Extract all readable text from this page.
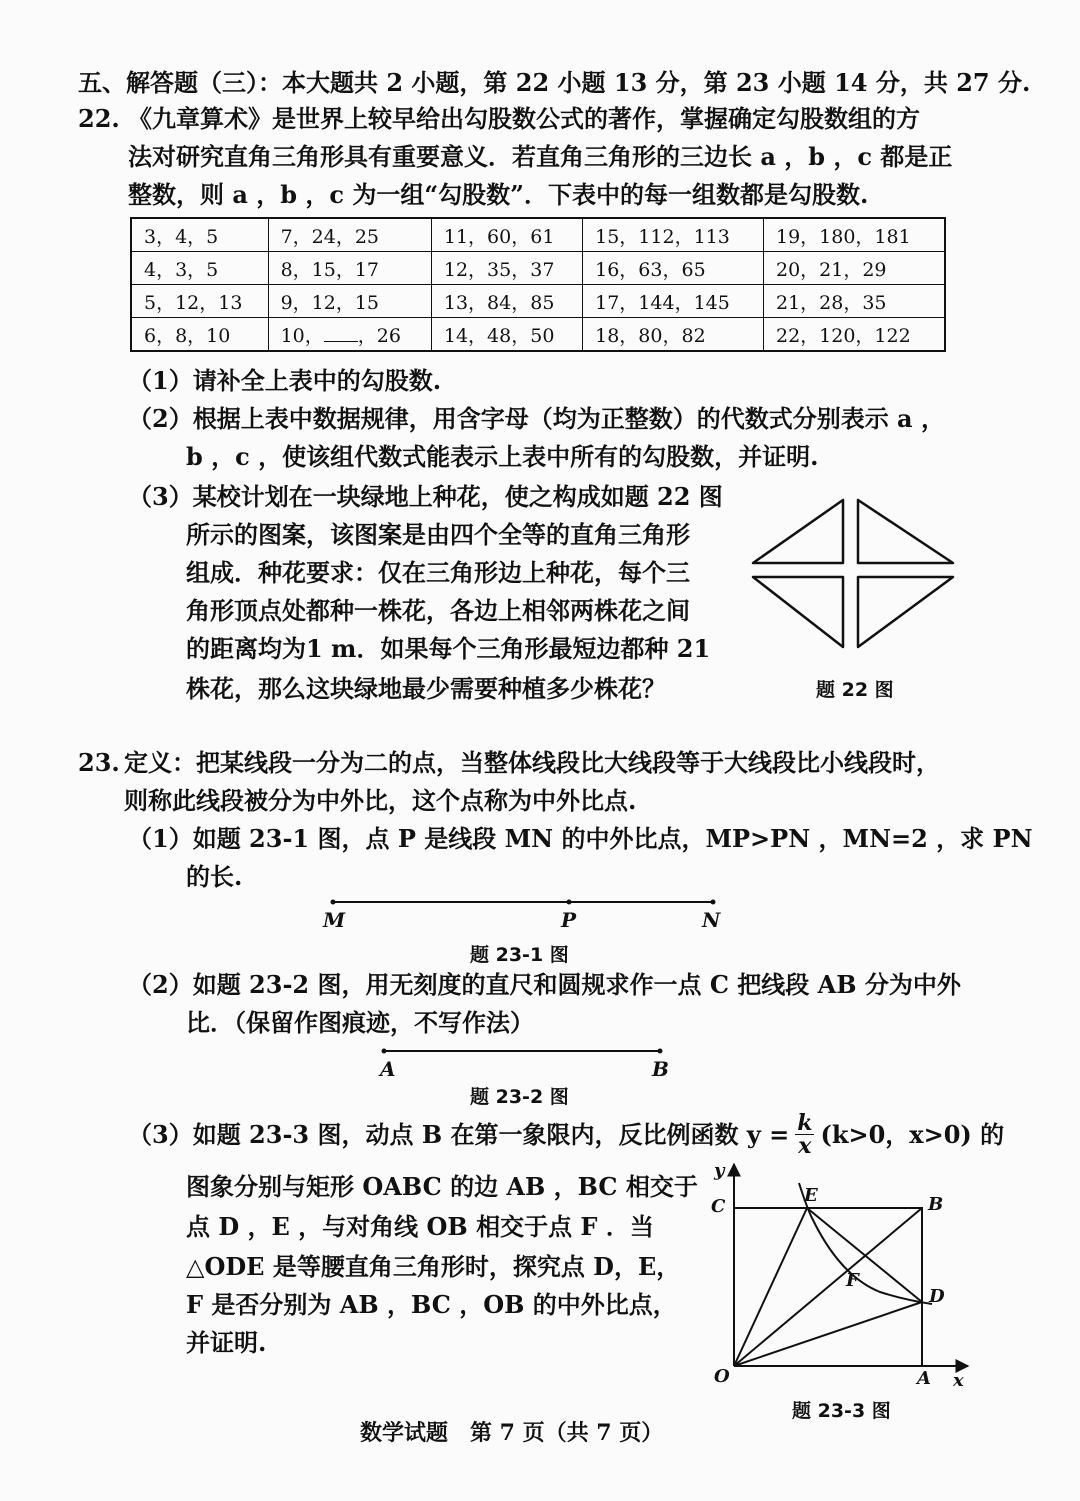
五、解答题（三）：本大题共 2 小题，第 22 小题 13 分，第 23 小题 14 分，共 27 分.
22. 《九章算术》是世界上较早给出勾股数公式的著作，掌握确定勾股数组的方
法对研究直角三角形具有重要意义．若直角三角形的三边长 a ，b ，c 都是正
整数，则 a ，b ，c 为一组“勾股数”．下表中的每一组数都是勾股数.
3，4，5	7，24，25	11，60，61	15，112，113	19，180，181
4，3，5	8，15，17	12，35，37	16，63，65	20，21，29
5，12，13	9，12，15	13，84，85	17，144，145	21，28，35
6，8，10	10， ，26	14，48，50	18，80，82	22，120，122
（1）请补全上表中的勾股数.
（2）根据上表中数据规律，用含字母（均为正整数）的代数式分别表示 a ，
b ，c ，使该组代数式能表示上表中所有的勾股数，并证明.
（3）某校计划在一块绿地上种花，使之构成如题 22 图
所示的图案，该图案是由四个全等的直角三角形
组成．种花要求：仅在三角形边上种花，每个三
角形顶点处都种一株花，各边上相邻两株花之间
的距离均为1 m．如果每个三角形最短边都种 21
株花，那么这块绿地最少需要种植多少株花？	题 22 图
23. 定义：把某线段一分为二的点，当整体线段比大线段等于大线段比小线段时，
则称此线段被分为中外比，这个点称为中外比点.
（1）如题 23-1 图，点 P 是线段 MN 的中外比点，MP>PN ，MN=2 ，求 PN
的长.
M	P	N
题 23-1 图
（2）如题 23-2 图，用无刻度的直尺和圆规求作一点 C 把线段 AB 分为中外
比．（保留作图痕迹，不写作法）
A	B
题 23-2 图
（3）如题 23-3 图，动点 B 在第一象限内，反比例函数 $y = \frac{k}{x} (k>0$，x>0) 的
图象分别与矩形 OABC 的边 AB ，BC 相交于
点 D ，E ，与对角线 OB 相交于点 F ．当
△ODE 是等腰直角三角形时，探究点 D，E，
F 是否分别为 AB ，BC ，OB 的中外比点，
并证明.
y
C
E	B
F
D
O	A x
题 23-3 图
数学试题　第 7 页（共 7 页）
